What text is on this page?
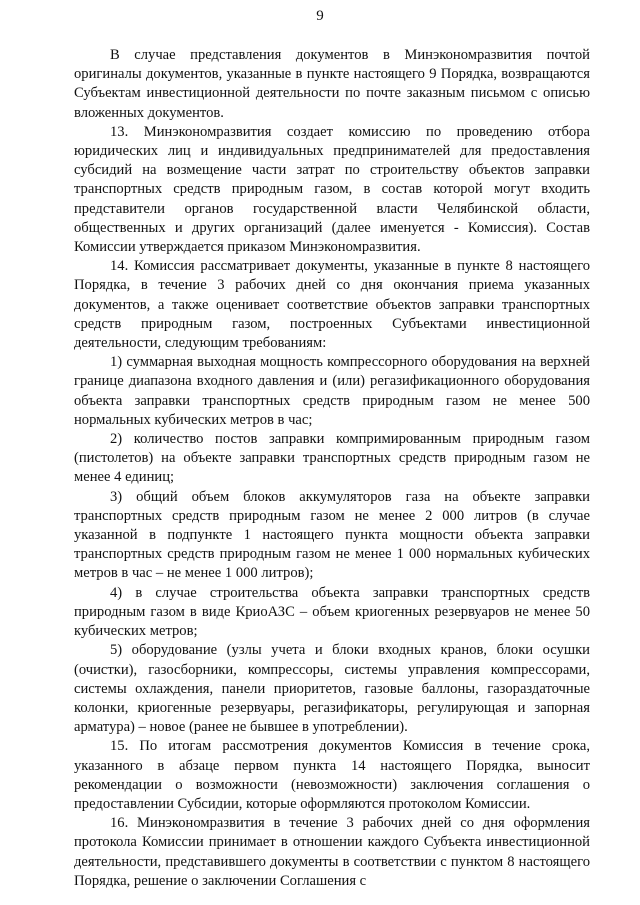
9

В случае представления документов в Минэкономразвития почтой оригиналы документов, указанные в пункте настоящего 9 Порядка, возвращаются Субъектам инвестиционной деятельности по почте заказным письмом с описью вложенных документов.

13. Минэкономразвития создает комиссию по проведению отбора юридических лиц и индивидуальных предпринимателей для предоставления субсидий на возмещение части затрат по строительству объектов заправки транспортных средств природным газом, в состав которой могут входить представители органов государственной власти Челябинской области, общественных и других организаций (далее именуется - Комиссия). Состав Комиссии утверждается приказом Минэкономразвития.

14. Комиссия рассматривает документы, указанные в пункте 8 настоящего Порядка, в течение 3 рабочих дней со дня окончания приема указанных документов, а также оценивает соответствие объектов заправки транспортных средств природным газом, построенных Субъектами инвестиционной деятельности, следующим требованиям:

1) суммарная выходная мощность компрессорного оборудования на верхней границе диапазона входного давления и (или) регазификационного оборудования объекта заправки транспортных средств природным газом не менее 500 нормальных кубических метров в час;

2) количество постов заправки компримированным природным газом (пистолетов) на объекте заправки транспортных средств природным газом не менее 4 единиц;

3) общий объем блоков аккумуляторов газа на объекте заправки транспортных средств природным газом не менее 2 000 литров (в случае указанной в подпункте 1 настоящего пункта мощности объекта заправки транспортных средств природным газом не менее 1 000 нормальных кубических метров в час – не менее 1 000 литров);

4) в случае строительства объекта заправки транспортных средств природным газом в виде КриоАЗС – объем криогенных резервуаров не менее 50 кубических метров;

5) оборудование (узлы учета и блоки входных кранов, блоки осушки (очистки), газосборники, компрессоры, системы управления компрессорами, системы охлаждения, панели приоритетов, газовые баллоны, газораздаточные колонки, криогенные резервуары, регазификаторы, регулирующая и запорная арматура) – новое (ранее не бывшее в употреблении).

15. По итогам рассмотрения документов Комиссия в течение срока, указанного в абзаце первом пункта 14 настоящего Порядка, выносит рекомендации о возможности (невозможности) заключения соглашения о предоставлении Субсидии, которые оформляются протоколом Комиссии.

16. Минэкономразвития в течение 3 рабочих дней со дня оформления протокола Комиссии принимает в отношении каждого Субъекта инвестиционной деятельности, представившего документы в соответствии с пунктом 8 настоящего Порядка, решение о заключении Соглашения с
